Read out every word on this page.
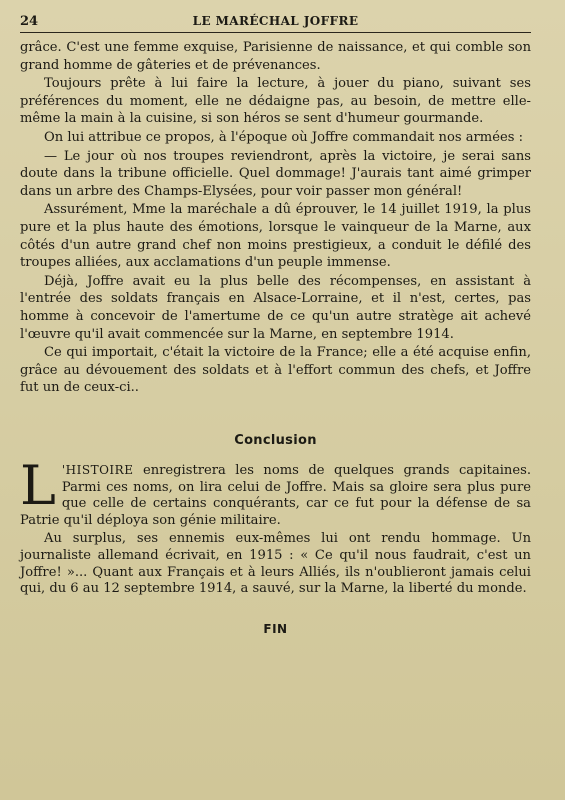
24	LE MARÉCHAL JOFFRE

grâce. C'est une femme exquise, Parisienne de naissance, et qui comble son grand homme de gâteries et de prévenances.

Toujours prête à lui faire la lecture, à jouer du piano, suivant ses préférences du moment, elle ne dédaigne pas, au besoin, de mettre elle-même la main à la cuisine, si son héros se sent d'humeur gourmande.

On lui attribue ce propos, à l'époque où Joffre commandait nos armées :

— Le jour où nos troupes reviendront, après la victoire, je serai sans doute dans la tribune officielle. Quel dommage! J'aurais tant aimé grimper dans un arbre des Champs-Elysées, pour voir passer mon général!

Assurément, Mme la maréchale a dû éprouver, le 14 juillet 1919, la plus pure et la plus haute des émotions, lorsque le vainqueur de la Marne, aux côtés d'un autre grand chef non moins prestigieux, a conduit le défilé des troupes alliées, aux acclamations d'un peuple immense.

Déjà, Joffre avait eu la plus belle des récompenses, en assistant à l'entrée des soldats français en Alsace-Lorraine, et il n'est, certes, pas homme à concevoir de l'amertume de ce qu'un autre stratège ait achevé l'œuvre qu'il avait commencée sur la Marne, en septembre 1914.

Ce qui importait, c'était la victoire de la France; elle a été acquise enfin, grâce au dévouement des soldats et à l'effort commun des chefs, et Joffre fut un de ceux-ci..

Conclusion

L 'HISTOIRE enregistrera les noms de quelques grands capitaines. Parmi ces noms, on lira celui de Joffre. Mais sa gloire sera plus pure que celle de certains conquérants, car ce fut pour la défense de sa Patrie qu'il déploya son génie militaire.

Au surplus, ses ennemis eux-mêmes lui ont rendu hommage. Un journaliste allemand écrivait, en 1915 : « Ce qu'il nous faudrait, c'est un Joffre! »... Quant aux Français et à leurs Alliés, ils n'oublieront jamais celui qui, du 6 au 12 septembre 1914, a sauvé, sur la Marne, la liberté du monde.

FIN
